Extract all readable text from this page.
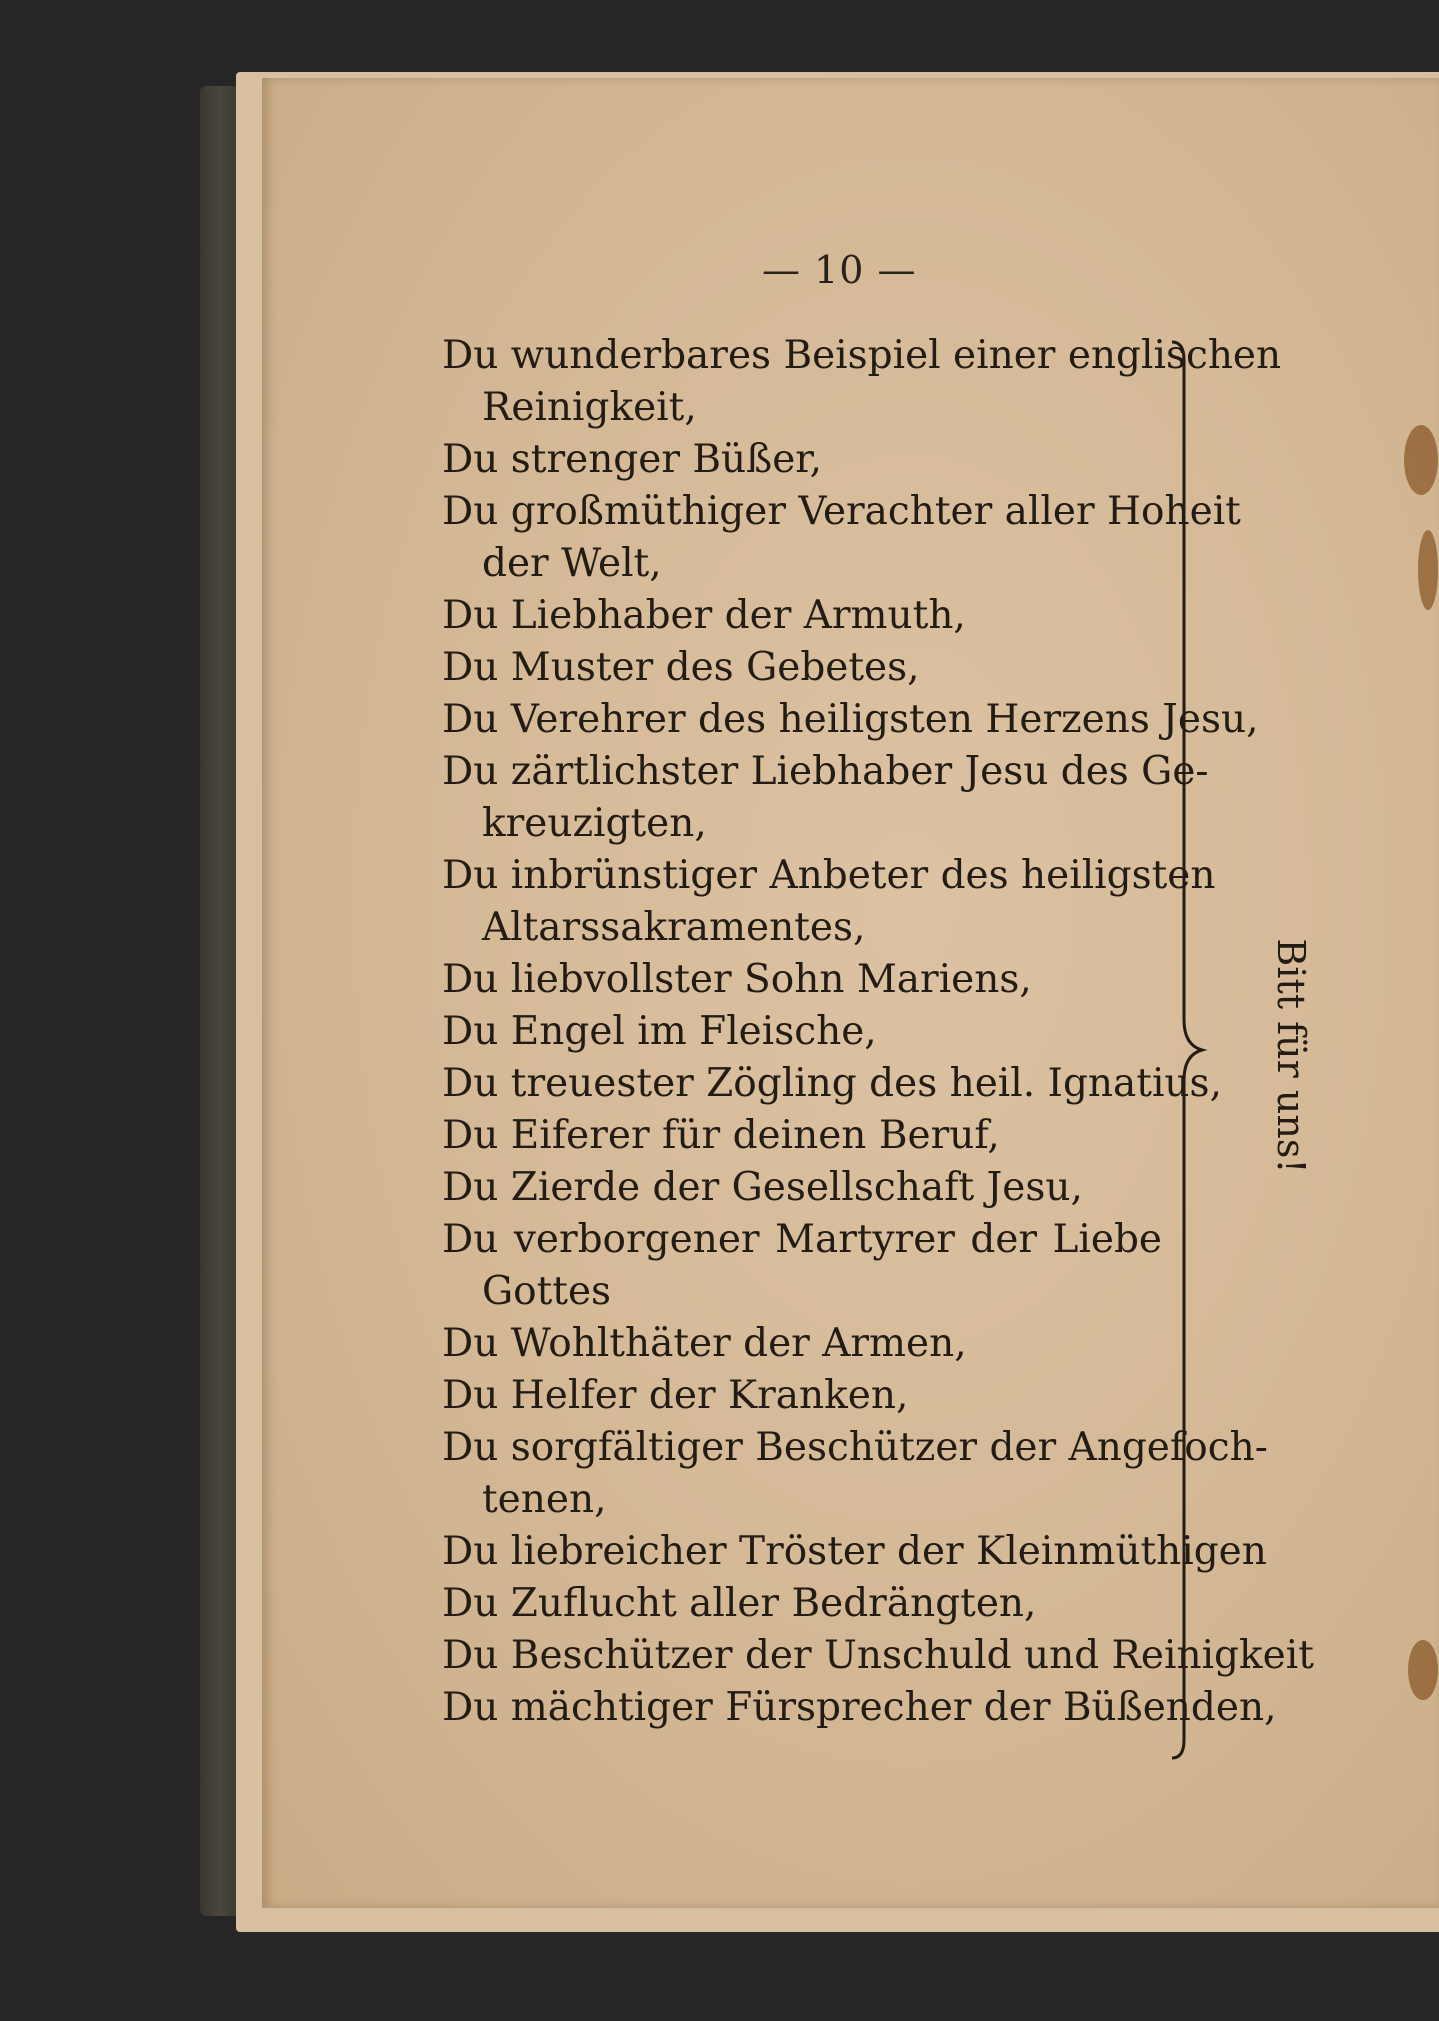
— 10 —
Du wunderbares Beispiel einer englischen
Reinigkeit,
Du strenger Büßer,
Du großmüthiger Verachter aller Hoheit
der Welt,
Du Liebhaber der Armuth,
Du Muster des Gebetes,
Du Verehrer des heiligsten Herzens Jesu,
Du zärtlichster Liebhaber Jesu des Ge-
kreuzigten,
Du inbrünstiger Anbeter des heiligsten
Altarssakramentes,
Du liebvollster Sohn Mariens,
Du Engel im Fleische,
Du treuester Zögling des heil. Ignatius,
Du Eiferer für deinen Beruf,
Du Zierde der Gesellschaft Jesu,
Du verborgener Martyrer der Liebe
Gottes
Du Wohlthäter der Armen,
Du Helfer der Kranken,
Du sorgfältiger Beschützer der Angefoch-
tenen,
Du liebreicher Tröster der Kleinmüthigen
Du Zuflucht aller Bedrängten,
Du Beschützer der Unschuld und Reinigkeit
Du mächtiger Fürsprecher der Büßenden,
Bitt für uns!
